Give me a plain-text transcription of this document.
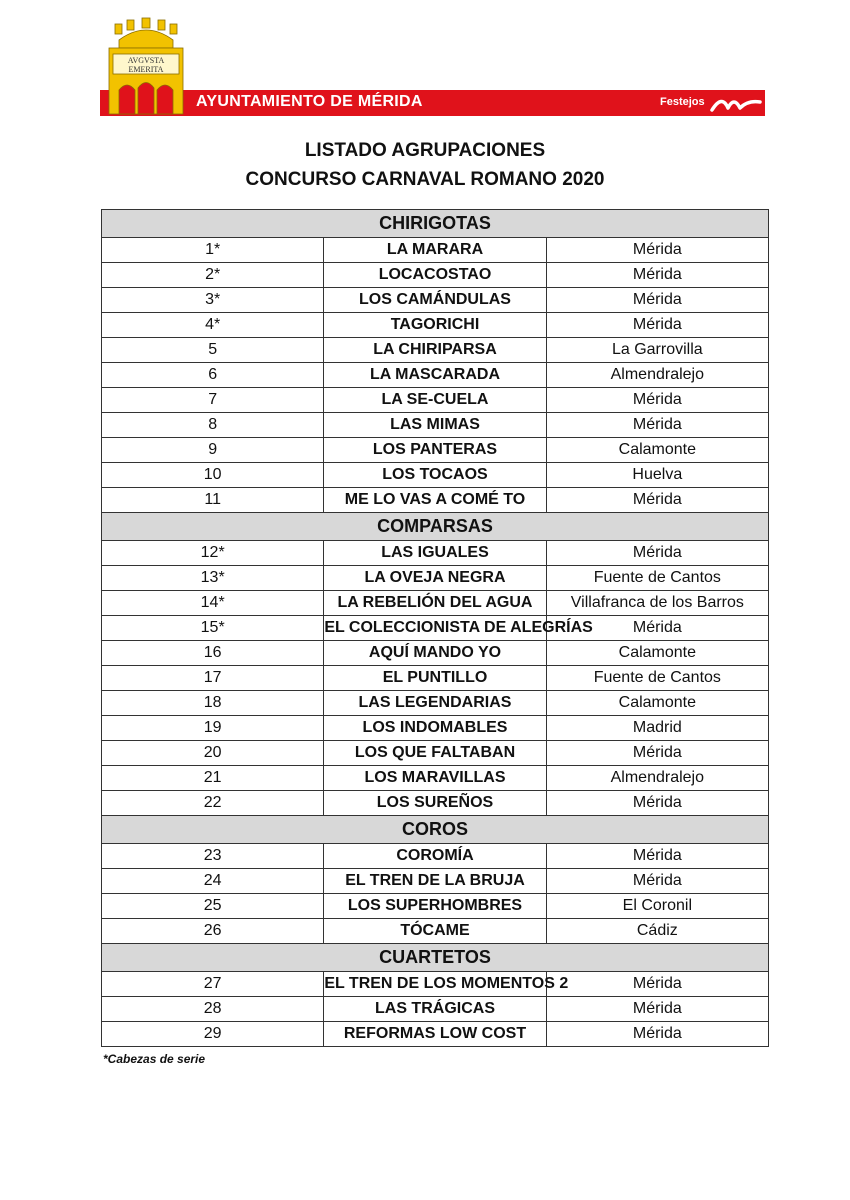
AVGVSTA
EMERITA
AYUNTAMIENTO DE MÉRIDA	Festejos
LISTADO AGRUPACIONES
CONCURSO CARNAVAL ROMANO 2020
CHIRIGOTAS		
1*	LA MARARA	Mérida
2*	LOCACOSTAO	Mérida
3*	LOS CAMÁNDULAS	Mérida
4*	TAGORICHI	Mérida
5	LA CHIRIPARSA	La Garrovilla
6	LA MASCARADA	Almendralejo
7	LA SE-CUELA	Mérida
8	LAS MIMAS	Mérida
9	LOS PANTERAS	Calamonte
10	LOS TOCAOS	Huelva
11	ME LO VAS A COMÉ TO	Mérida
COMPARSAS		
12*	LAS IGUALES	Mérida
13*	LA OVEJA NEGRA	Fuente de Cantos
14*	LA REBELIÓN DEL AGUA	Villafranca de los Barros
15*	EL COLECCIONISTA DE ALEGRÍAS	Mérida
16	AQUÍ MANDO YO	Calamonte
17	EL PUNTILLO	Fuente de Cantos
18	LAS LEGENDARIAS	Calamonte
19	LOS INDOMABLES	Madrid
20	LOS QUE FALTABAN	Mérida
21	LOS MARAVILLAS	Almendralejo
22	LOS SUREÑOS	Mérida
COROS		
23	COROMÍA	Mérida
24	EL TREN DE LA BRUJA	Mérida
25	LOS SUPERHOMBRES	El Coronil
26	TÓCAME	Cádiz
CUARTETOS		
27	EL TREN DE LOS MOMENTOS 2	Mérida
28	LAS TRÁGICAS	Mérida
29	REFORMAS LOW COST	Mérida
*Cabezas de serie
